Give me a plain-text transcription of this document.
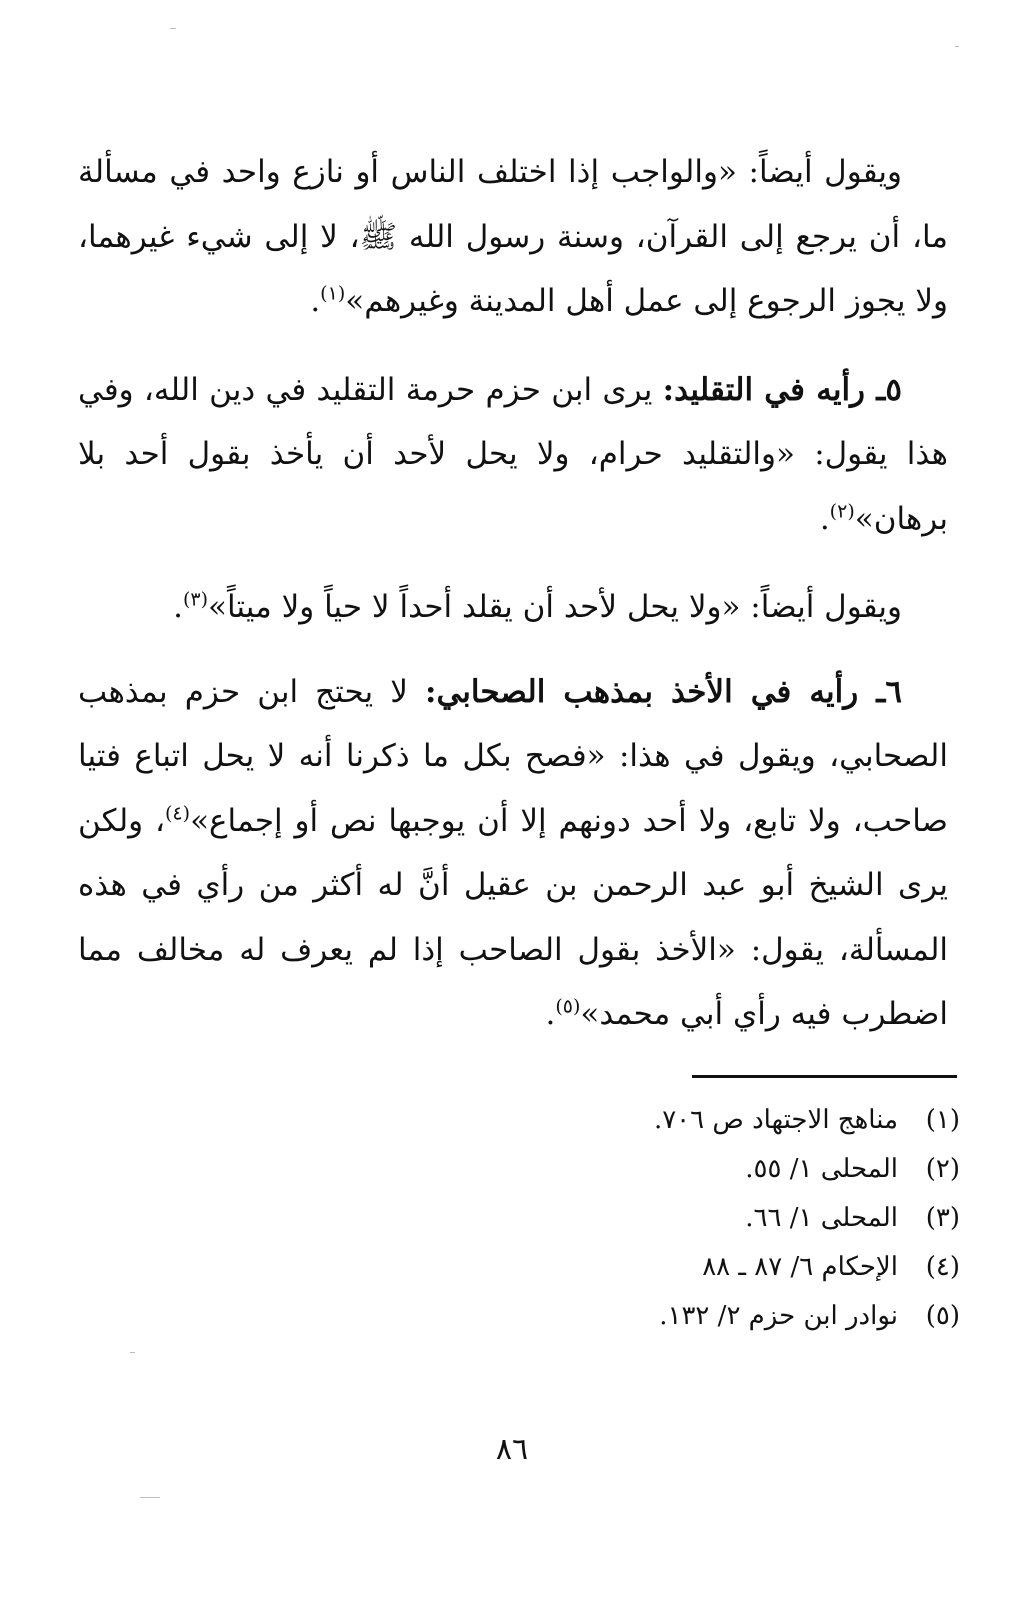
ويقول أيضاً: «والواجب إذا اختلف الناس أو نازع واحد في مسألة ما، أن يرجع إلى القرآن، وسنة رسول الله ﷺ، لا إلى شيء غيرهما، ولا يجوز الرجوع إلى عمل أهل المدينة وغيرهم»$^{(١)}$.

٥ـ رأيه في التقليد: يرى ابن حزم حرمة التقليد في دين الله، وفي هذا يقول: «والتقليد حرام، ولا يحل لأحد أن يأخذ بقول أحد بلا برهان»$^{(٢)}$.

ويقول أيضاً: «ولا يحل لأحد أن يقلد أحداً لا حياً ولا ميتاً»$^{(٣)}$.

٦ـ رأيه في الأخذ بمذهب الصحابي: لا يحتج ابن حزم بمذهب الصحابي، ويقول في هذا: «فصح بكل ما ذكرنا أنه لا يحل اتباع فتيا صاحب، ولا تابع، ولا أحد دونهم إلا أن يوجبها نص أو إجماع»$^{(٤)}$، ولكن يرى الشيخ أبو عبد الرحمن بن عقيل أنَّ له أكثر من رأي في هذه المسألة، يقول: «الأخذ بقول الصاحب إذا لم يعرف له مخالف مما اضطرب فيه رأي أبي محمد»$^{(٥)}$.

(١)
مناهج الاجتهاد ص ٧٠٦.
(٢)
المحلى ١/ ٥٥.
(٣)
المحلى ١/ ٦٦.
(٤)
الإحكام ٦/ ٨٧ ـ ٨٨
(٥)
نوادر ابن حزم ٢/ ١٣٢.
٨٦
